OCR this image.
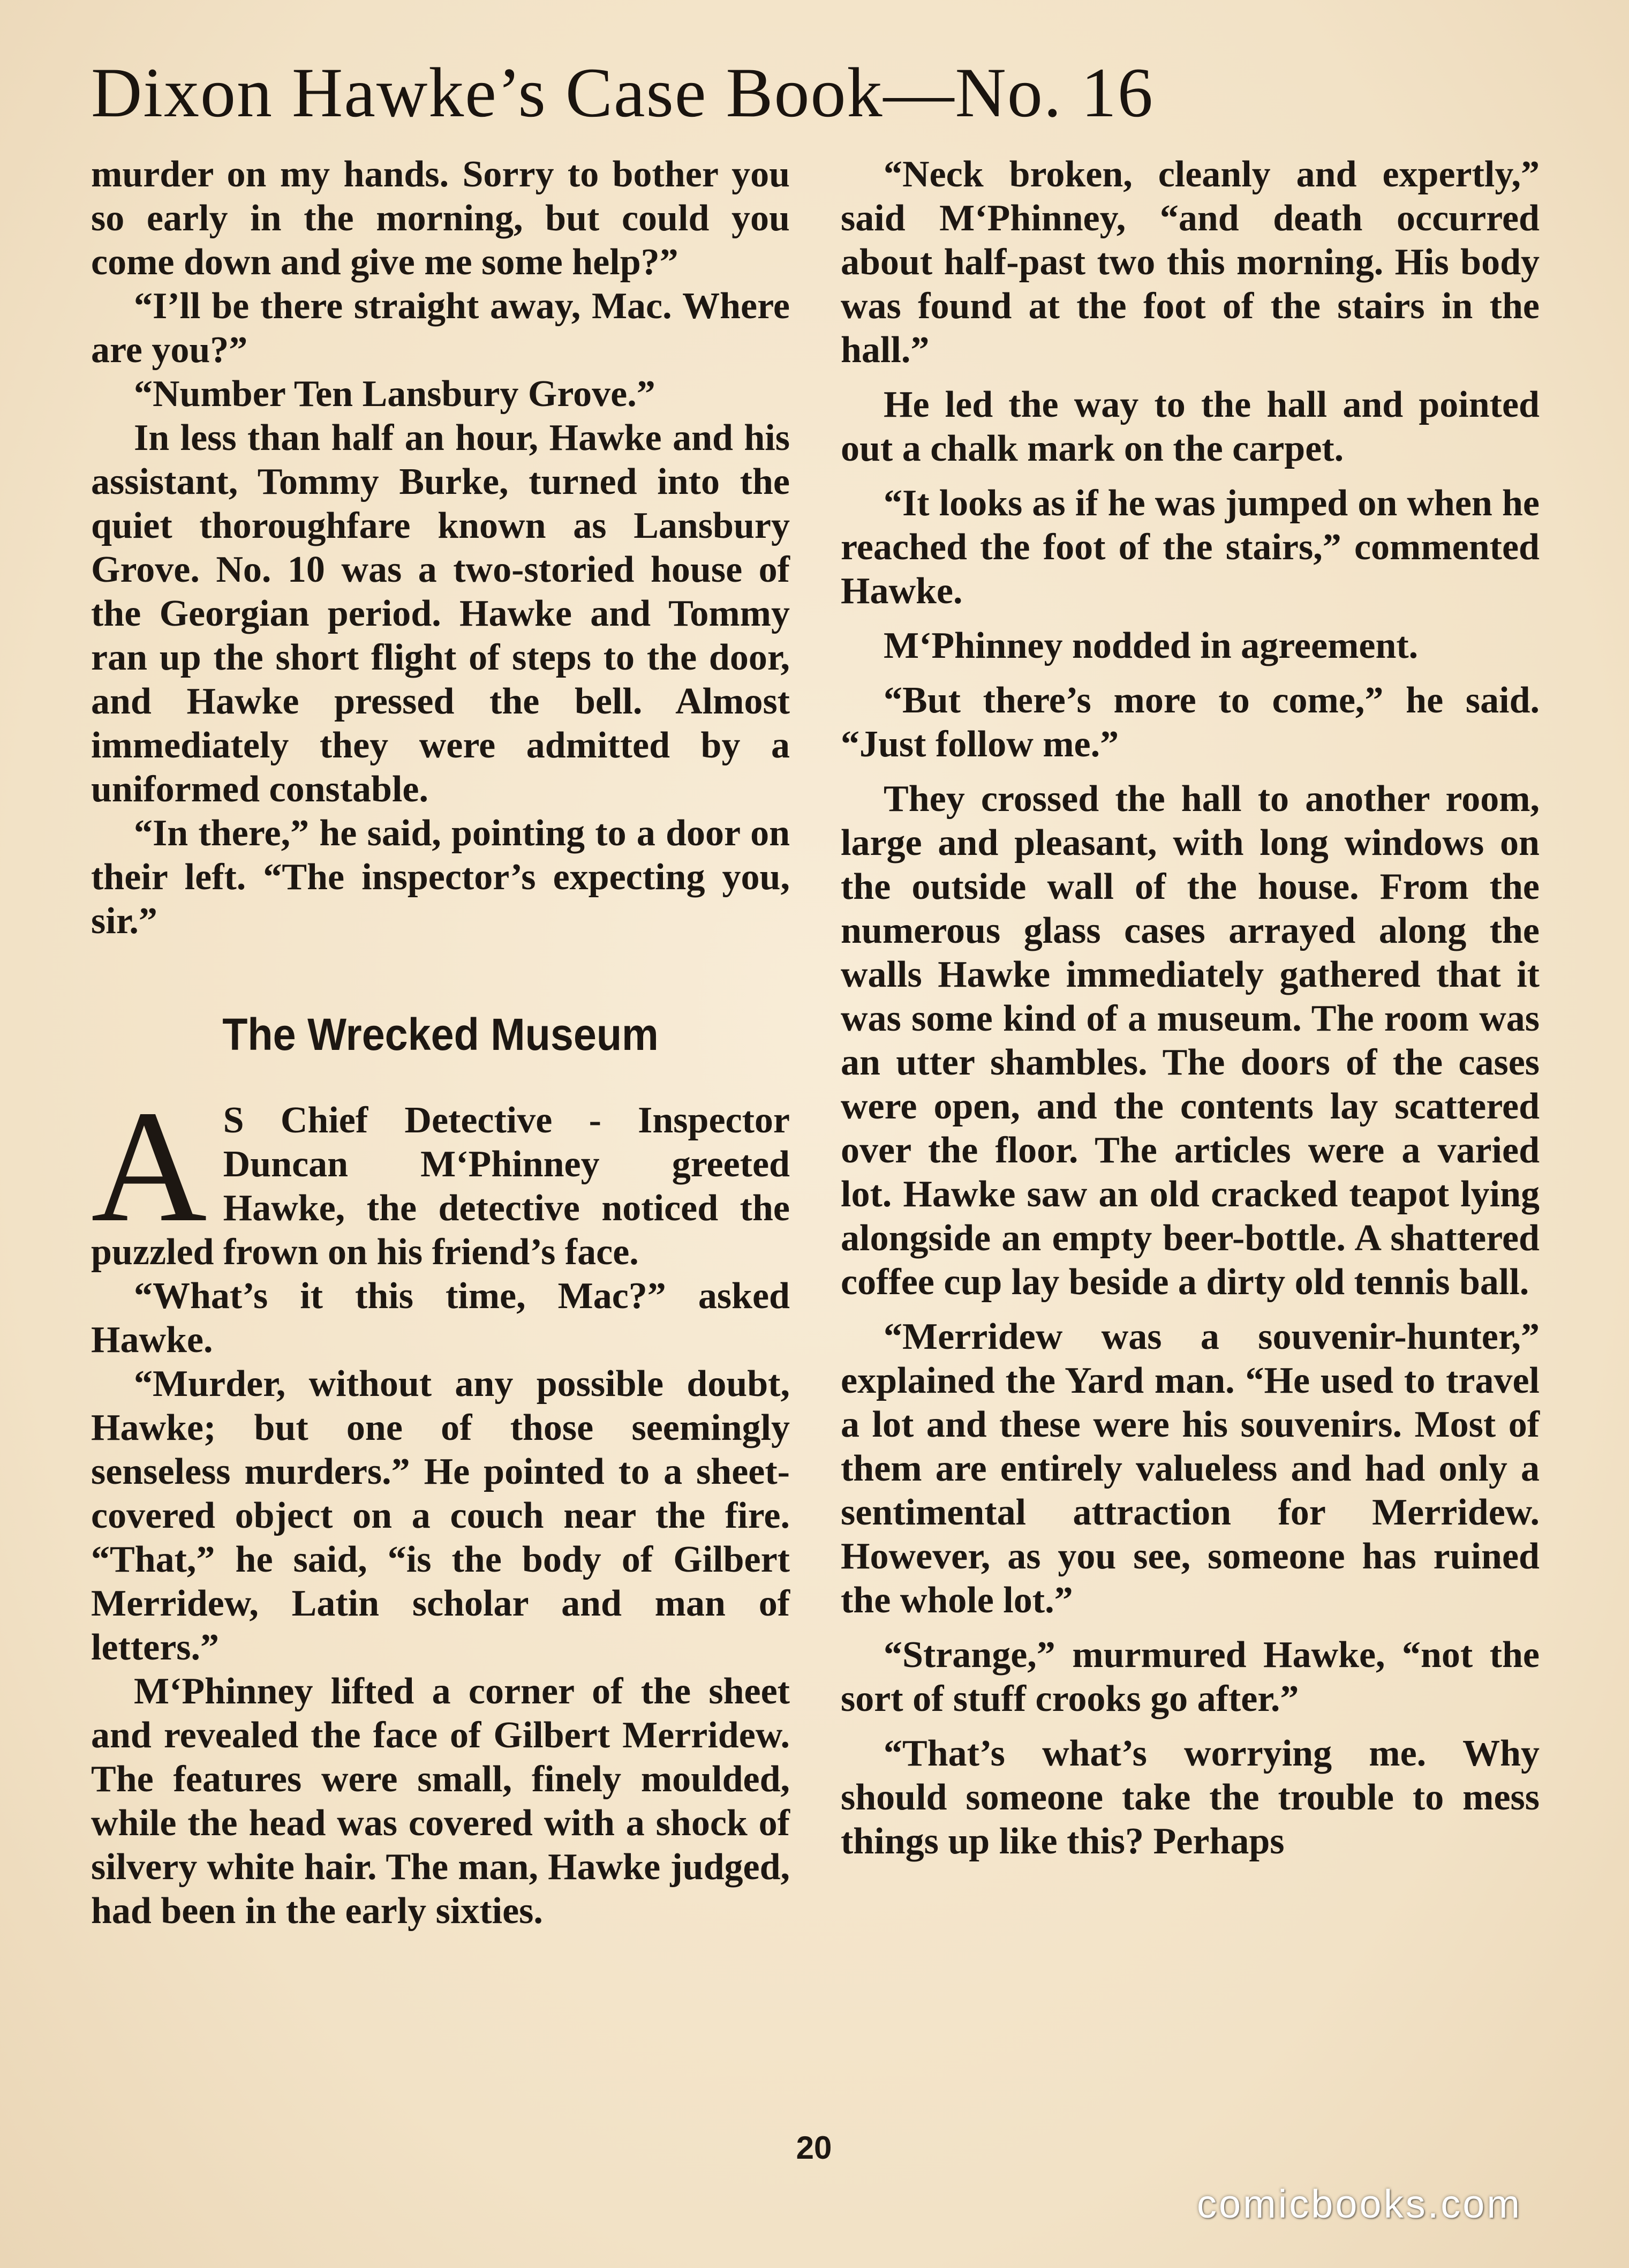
Dixon Hawke’s Case Book—No. 16

murder on my hands. Sorry to bother you so early in the morning, but could you come down and give me some help?”

“I’ll be there straight away, Mac. Where are you?”

“Number Ten Lansbury Grove.”

In less than half an hour, Hawke and his assistant, Tommy Burke, turned into the quiet thoroughfare known as Lansbury Grove. No. 10 was a two-storied house of the Georgian period. Hawke and Tommy ran up the short flight of steps to the door, and Hawke pressed the bell. Almost immediately they were admitted by a uniformed constable.

“In there,” he said, pointing to a door on their left. “The inspector’s expecting you, sir.”

The Wrecked Museum

A S Chief Detective - Inspector Duncan M‘Phinney greeted Hawke, the detective noticed the puzzled frown on his friend’s face.

“What’s it this time, Mac?” asked Hawke.

“Murder, without any possible doubt, Hawke; but one of those seemingly senseless murders.” He pointed to a sheet-covered object on a couch near the fire. “That,” he said, “is the body of Gilbert Merridew, Latin scholar and man of letters.”

M‘Phinney lifted a corner of the sheet and revealed the face of Gilbert Merridew. The features were small, finely moulded, while the head was covered with a shock of silvery white hair. The man, Hawke judged, had been in the early sixties.

“Neck broken, cleanly and expertly,” said M‘Phinney, “and death occurred about half-past two this morning. His body was found at the foot of the stairs in the hall.”

He led the way to the hall and pointed out a chalk mark on the carpet.

“It looks as if he was jumped on when he reached the foot of the stairs,” commented Hawke.

M‘Phinney nodded in agreement.

“But there’s more to come,” he said. “Just follow me.”

They crossed the hall to another room, large and pleasant, with long windows on the outside wall of the house. From the numerous glass cases arrayed along the walls Hawke immediately gathered that it was some kind of a museum. The room was an utter shambles. The doors of the cases were open, and the contents lay scattered over the floor. The articles were a varied lot. Hawke saw an old cracked teapot lying alongside an empty beer-bottle. A shattered coffee cup lay beside a dirty old tennis ball.

“Merridew was a souvenir-hunter,” explained the Yard man. “He used to travel a lot and these were his souvenirs. Most of them are entirely valueless and had only a sentimental attraction for Merridew. However, as you see, someone has ruined the whole lot.”

“Strange,” murmured Hawke, “not the sort of stuff crooks go after.”

“That’s what’s worrying me. Why should someone take the trouble to mess things up like this? Perhaps

20
comicbooks.com
